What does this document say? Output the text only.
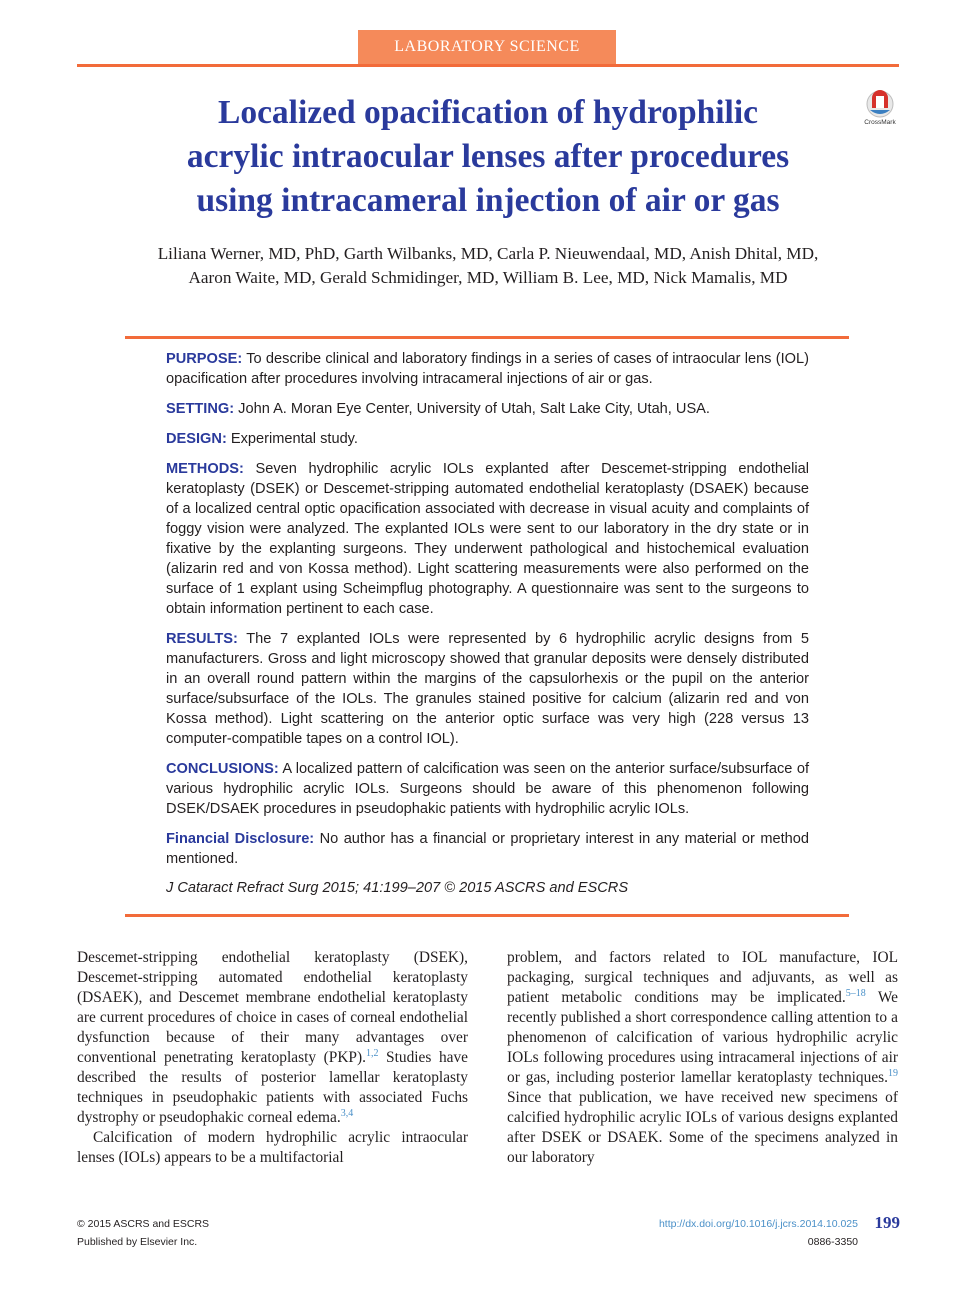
LABORATORY SCIENCE
Localized opacification of hydrophilic
acrylic intraocular lenses after procedures
using intracameral injection of air or gas
CrossMark
Liliana Werner, MD, PhD, Garth Wilbanks, MD, Carla P. Nieuwendaal, MD, Anish Dhital, MD,
Aaron Waite, MD, Gerald Schmidinger, MD, William B. Lee, MD, Nick Mamalis, MD

PURPOSE: To describe clinical and laboratory findings in a series of cases of intraocular lens (IOL) opacification after procedures involving intracameral injections of air or gas.

SETTING: John A. Moran Eye Center, University of Utah, Salt Lake City, Utah, USA.

DESIGN: Experimental study.

METHODS: Seven hydrophilic acrylic IOLs explanted after Descemet-stripping endothelial keratoplasty (DSEK) or Descemet-stripping automated endothelial keratoplasty (DSAEK) because of a localized central optic opacification associated with decrease in visual acuity and complaints of foggy vision were analyzed. The explanted IOLs were sent to our laboratory in the dry state or in fixative by the explanting surgeons. They underwent pathological and histochemical evaluation (alizarin red and von Kossa method). Light scattering measurements were also performed on the surface of 1 explant using Scheimpflug photography. A questionnaire was sent to the surgeons to obtain information pertinent to each case.

RESULTS: The 7 explanted IOLs were represented by 6 hydrophilic acrylic designs from 5 manufacturers. Gross and light microscopy showed that granular deposits were densely distributed in an overall round pattern within the margins of the capsulorhexis or the pupil on the anterior surface/subsurface of the IOLs. The granules stained positive for calcium (alizarin red and von Kossa method). Light scattering on the anterior optic surface was very high (228 versus 13 computer-compatible tapes on a control IOL).

CONCLUSIONS: A localized pattern of calcification was seen on the anterior surface/subsurface of various hydrophilic acrylic IOLs. Surgeons should be aware of this phenomenon following DSEK/DSAEK procedures in pseudophakic patients with hydrophilic acrylic IOLs.

Financial Disclosure: No author has a financial or proprietary interest in any material or method mentioned.

J Cataract Refract Surg 2015; 41:199–207 © 2015 ASCRS and ESCRS

Descemet-stripping endothelial keratoplasty (DSEK), Descemet-stripping automated endothelial keratoplasty (DSAEK), and Descemet membrane endothelial keratoplasty are current procedures of choice in cases of corneal endothelial dysfunction because of their many advantages over conventional penetrating keratoplasty (PKP).$^{1,2}$ Studies have described the results of posterior lamellar keratoplasty techniques in pseudophakic patients with associated Fuchs dystrophy or pseudophakic corneal edema.$^{3,4}$

Calcification of modern hydrophilic acrylic intraocular lenses (IOLs) appears to be a multifactorial

problem, and factors related to IOL manufacture, IOL packaging, surgical techniques and adjuvants, as well as patient metabolic conditions may be implicated.$^{5-18}$ We recently published a short correspondence calling attention to a phenomenon of calcification of various hydrophilic acrylic IOLs following procedures using intracameral injections of air or gas, including posterior lamellar keratoplasty techniques.$^{19}$ Since that publication, we have received new specimens of calcified hydrophilic acrylic IOLs of various designs explanted after DSEK or DSAEK. Some of the specimens analyzed in our laboratory

© 2015 ASCRS and ESCRS
Published by Elsevier Inc.
http://dx.doi.org/10.1016/j.jcrs.2014.10.025 199
0886-3350
